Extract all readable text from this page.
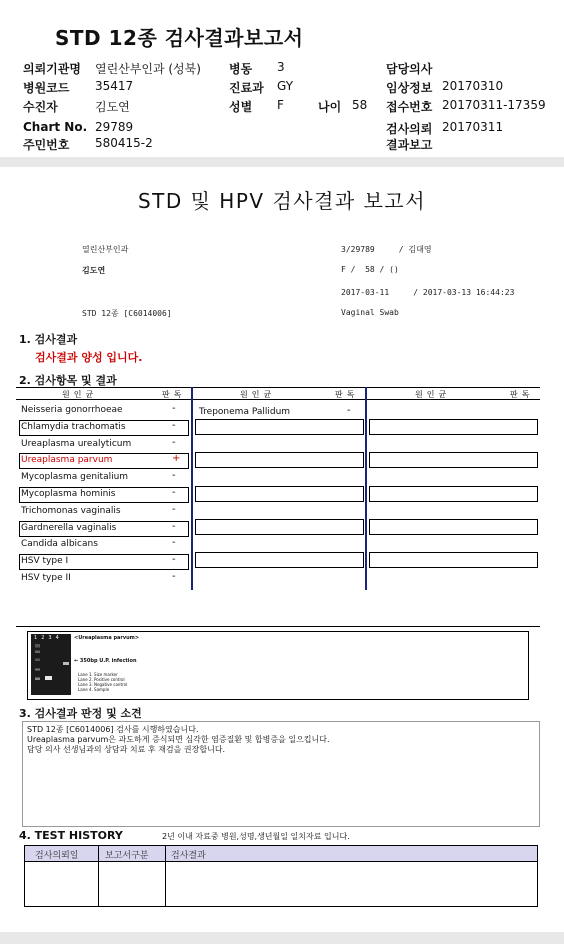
STD 12종 검사결과보고서
의뢰기관명 열린산부인과 (성북) 병동 3	담당의사
병원코드 35417	진료과 GY	임상정보 20170310
수진자	김도연	성별 F	나이 58 접수번호 20170311-17359
Chart No. 29789	검사의뢰 20170311
주민번호 580415-2	결과보고
STD 및 HPV 검사결과 보고서
열린산부인과	3/29789     / 김대영
김도연	F /  58 / ()
2017-03-11     / 2017-03-13 16:44:23
STD 12종 [C6014006]	Vaginal Swab
1. 검사결과
검사결과 양성 입니다.
2. 검사항목 및 결과
원인균	판독	원인균	판독	원인균	판독
Neisseria gonorrhoeae	-
Chlamydia trachomatis	-
Ureaplasma urealyticum	-
Ureaplasma parvum	+
Mycoplasma genitalium	-
Mycoplasma hominis	-
Trichomonas vaginalis	-
Gardnerella vaginalis	-
Candida albicans	-
HSV type I	-
HSV type II	-
Treponema Pallidum	-
1234 <Ureaplasma parvum>
← 350bp U.P. infection
Lane 1. Size marker
Lane 2. Positive control
Lane 3. Negative control
Lane 4. Sample
3. 검사결과 판정 및 소견
STD 12종 [C6014006] 검사를 시행하였습니다.
Ureaplasma parvum은 과도하게 증식되면 심각한 염증질환 및 합병증을 일으킵니다.
담당 의사 선생님과의 상담과 치료 후 재검을 권장합니다.
4. TEST HISTORY	2년 이내 자료중 병원,성명,생년월일 일치자료 입니다.
검사의뢰일	보고서구분	검사결과
